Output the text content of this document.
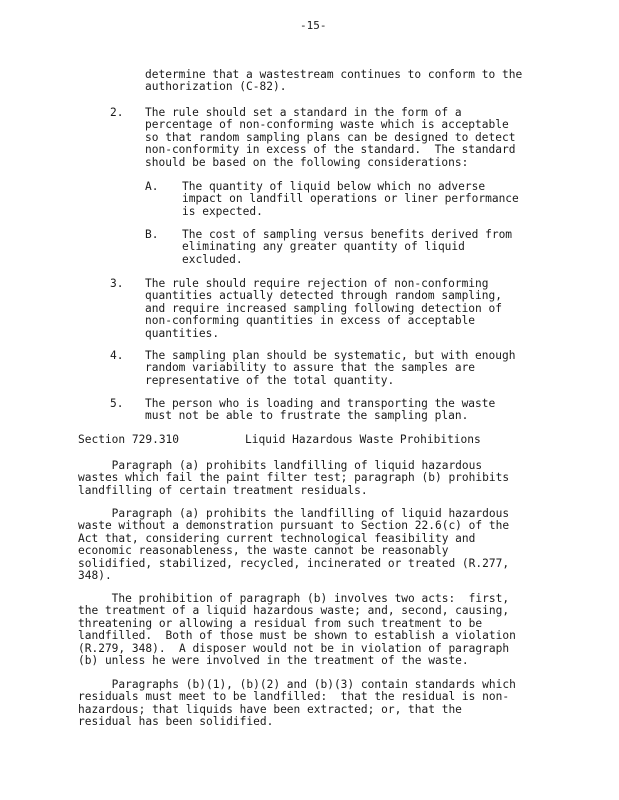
-15-
determine that a wastestream continues to conform to the
authorization (C-82).
2. The rule should set a standard in the form of a
percentage of non-conforming waste which is acceptable
so that random sampling plans can be designed to detect
non-conformity in excess of the standard.  The standard
should be based on the following considerations:
A. The quantity of liquid below which no adverse
impact on landfill operations or liner performance
is expected.
B. The cost of sampling versus benefits derived from
eliminating any greater quantity of liquid
excluded.
3. The rule should require rejection of non-conforming
quantities actually detected through random sampling,
and require increased sampling following detection of
non-conforming quantities in excess of acceptable
quantities.
4. The sampling plan should be systematic, but with enough
random variability to assure that the samples are
representative of the total quantity.
5. The person who is loading and transporting the waste
must not be able to frustrate the sampling plan.
Section 729.310	Liquid Hazardous Waste Prohibitions
Paragraph (a) prohibits landfilling of liquid hazardous
wastes which fail the paint filter test; paragraph (b) prohibits
landfilling of certain treatment residuals.
Paragraph (a) prohibits the landfilling of liquid hazardous
waste without a demonstration pursuant to Section 22.6(c) of the
Act that, considering current technological feasibility and
economic reasonableness, the waste cannot be reasonably
solidified, stabilized, recycled, incinerated or treated (R.277,
348).
The prohibition of paragraph (b) involves two acts:  first,
the treatment of a liquid hazardous waste; and, second, causing,
threatening or allowing a residual from such treatment to be
landfilled.  Both of those must be shown to establish a violation
(R.279, 348).  A disposer would not be in violation of paragraph
(b) unless he were involved in the treatment of the waste.
Paragraphs (b)(1), (b)(2) and (b)(3) contain standards which
residuals must meet to be landfilled:  that the residual is non-
hazardous; that liquids have been extracted; or, that the
residual has been solidified.
